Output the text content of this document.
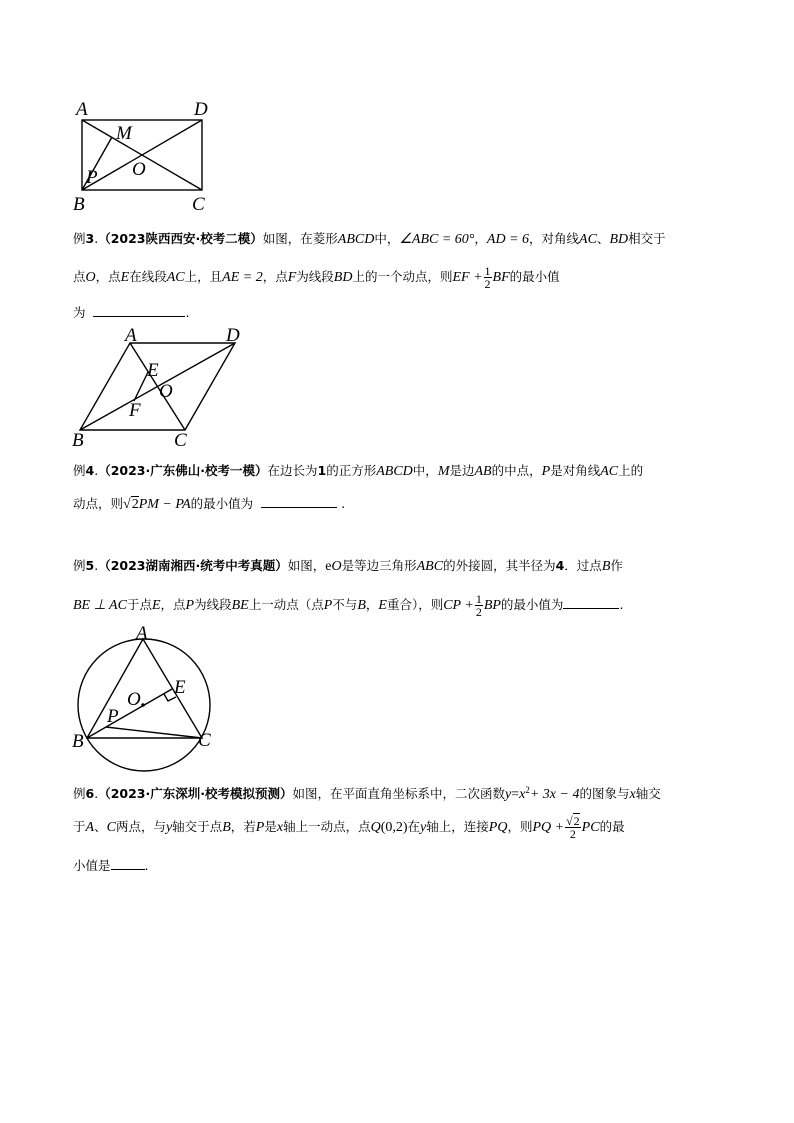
A	D
M
O
P
B	C
例3.（2023陕西西安·校考二模）如图，在菱形ABCD中，∠ABC = 60°，AD = 6，对角线AC、BD相交于
点O，点E在线段AC上，且AE = 2，点F为线段BD上的一个动点，则EF + $\frac{1}{2}$ BF的最小值
为	.
A	D
E
O
F
B	C
例4.（2023·广东佛山·校考一模）在边长为1的正方形ABCD中，M是边AB的中点，P是对角线AC上的
动点，则√2PM − PA的最小值为	.
例5.（2023湖南湘西·统考中考真题）如图，eO是等边三角形ABC的外接圆，其半径为4．过点B作
BE ⊥ AC于点E，点P为线段BE上一动点（点P不与B，E重合），则CP + $\frac{1}{2}$ BP的最小值为	.
A
O
E
P
B	C
例6.（2023·广东深圳·校考模拟预测）如图，在平面直角坐标系中，二次函数$y=x^2+ 3x - 4$的图象与x轴交
于A、C两点，与y轴交于点B，若P是x轴上一动点，点Q(0,2)在y轴上，连接PQ，则PQ + $\frac{√2}{2}$ PC的最
小值是	.
